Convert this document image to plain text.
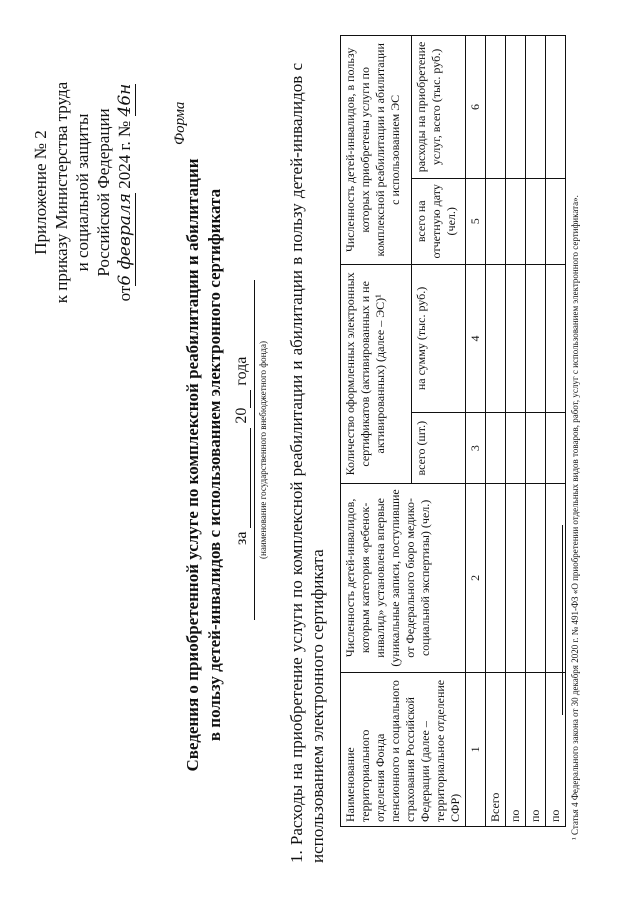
Приложение № 2 к приказу Министерства труда и социальной защиты Российской Федерации
от6 февраля 2024 г. № 46н
Форма
Сведения о приобретенной услуге по комплексной реабилитации и абилитации в пользу детей-инвалидов с использованием электронного сертификата за  20 года (наименование государственного внебюджетного фонда) 1. Расходы на приобретение услуги по комплексной реабилитации и абилитации в пользу детей-инвалидов с использованием электронного сертификата Наименование территориального отделения Фонда пенсионного и социального страхования Российской Федерации (далее – территориальное отделение СФР)	Численность детей-инвалидов, которым категория «ребенок-инвалид» установлена впервые (уникальные записи, поступившие от Федерального бюро медико-социальной экспертизы) (чел.)	Количество оформленных электронных сертификатов (активированных и не активированных) (далее – ЭС)¹		Численность детей-инвалидов, в пользу которых приобретены услуги по комплексной реабилитации и абилитации с использованием ЭС	
		всего (шт.)	на сумму (тыс. руб.)	всего на отчетную дату (чел.)	расходы на приобретение услуг, всего (тыс. руб.)
1	2	3	4	5	6
Всего					
по					
по					
по					¹ Статья 4 Федерального закона от 30 декабря 2020 г. № 491-ФЗ «О приобретении отдельных видов товаров, работ, услуг с использованием электронного сертификата».
